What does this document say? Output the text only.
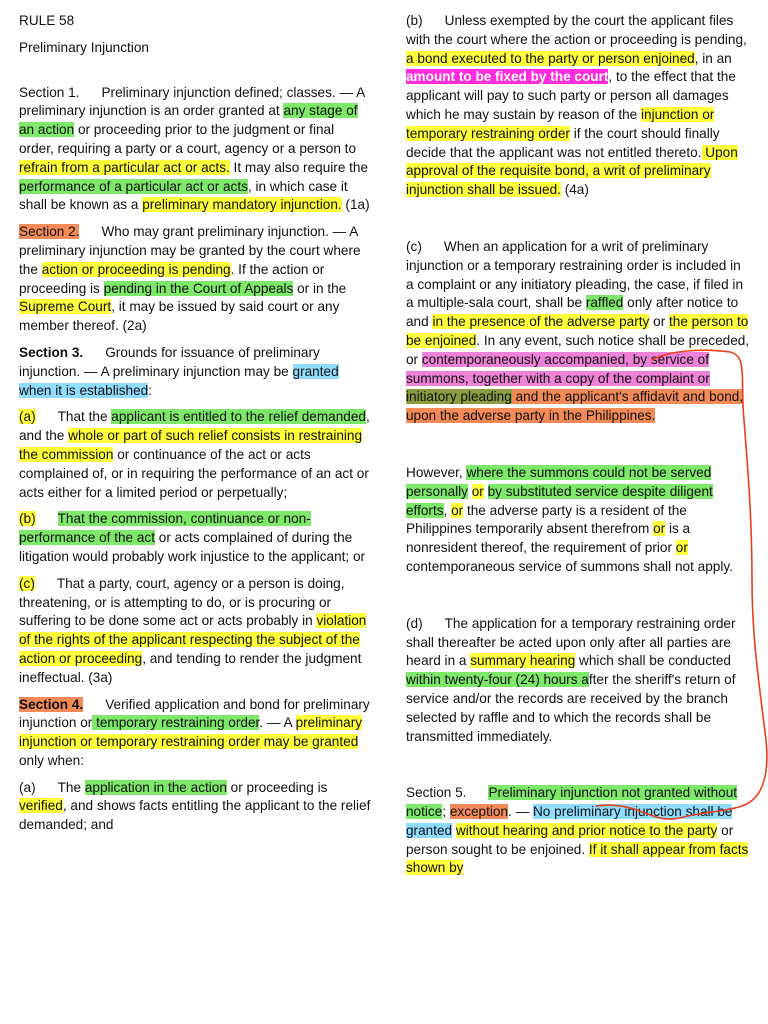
RULE 58

Preliminary Injunction

Section 1. Preliminary injunction defined; classes. — A preliminary injunction is an order granted at any stage of an action or proceeding prior to the judgment or final order, requiring a party or a court, agency or a person to refrain from a particular act or acts. It may also require the performance of a particular act or acts, in which case it shall be known as a preliminary mandatory injunction. (1a)

Section 2. Who may grant preliminary injunction. — A preliminary injunction may be granted by the court where the action or proceeding is pending. If the action or proceeding is pending in the Court of Appeals or in the Supreme Court, it may be issued by said court or any member thereof. (2a)

Section 3. Grounds for issuance of preliminary injunction. — A preliminary injunction may be granted when it is established:

(a) That the applicant is entitled to the relief demanded, and the whole or part of such relief consists in restraining the commission or continuance of the act or acts complained of, or in requiring the performance of an act or acts either for a limited period or perpetually;

(b) That the commission, continuance or non-performance of the act or acts complained of during the litigation would probably work injustice to the applicant; or

(c) That a party, court, agency or a person is doing, threatening, or is attempting to do, or is procuring or suffering to be done some act or acts probably in violation of the rights of the applicant respecting the subject of the action or proceeding, and tending to render the judgment ineffectual. (3a)

Section 4. Verified application and bond for preliminary injunction or temporary restraining order. — A preliminary injunction or temporary restraining order may be granted only when:

(a) The application in the action or proceeding is verified, and shows facts entitling the applicant to the relief demanded; and

(b) Unless exempted by the court the applicant files with the court where the action or proceeding is pending, a bond executed to the party or person enjoined, in an amount to be fixed by the court, to the effect that the applicant will pay to such party or person all damages which he may sustain by reason of the injunction or temporary restraining order if the court should finally decide that the applicant was not entitled thereto. Upon approval of the requisite bond, a writ of preliminary injunction shall be issued. (4a)

(c) When an application for a writ of preliminary injunction or a temporary restraining order is included in a complaint or any initiatory pleading, the case, if filed in a multiple-sala court, shall be raffled only after notice to and in the presence of the adverse party or the person to be enjoined. In any event, such notice shall be preceded, or contemporaneously accompanied, by service of summons, together with a copy of the complaint or initiatory pleading and the applicant's affidavit and bond, upon the adverse party in the Philippines.

However, where the summons could not be served personally or by substituted service despite diligent efforts, or the adverse party is a resident of the Philippines temporarily absent therefrom or is a nonresident thereof, the requirement of prior or contemporaneous service of summons shall not apply.

(d) The application for a temporary restraining order shall thereafter be acted upon only after all parties are heard in a summary hearing which shall be conducted within twenty-four (24) hours after the sheriff's return of service and/or the records are received by the branch selected by raffle and to which the records shall be transmitted immediately.

Section 5. Preliminary injunction not granted without notice; exception. — No preliminary injunction shall be granted without hearing and prior notice to the party or person sought to be enjoined. If it shall appear from facts shown by
